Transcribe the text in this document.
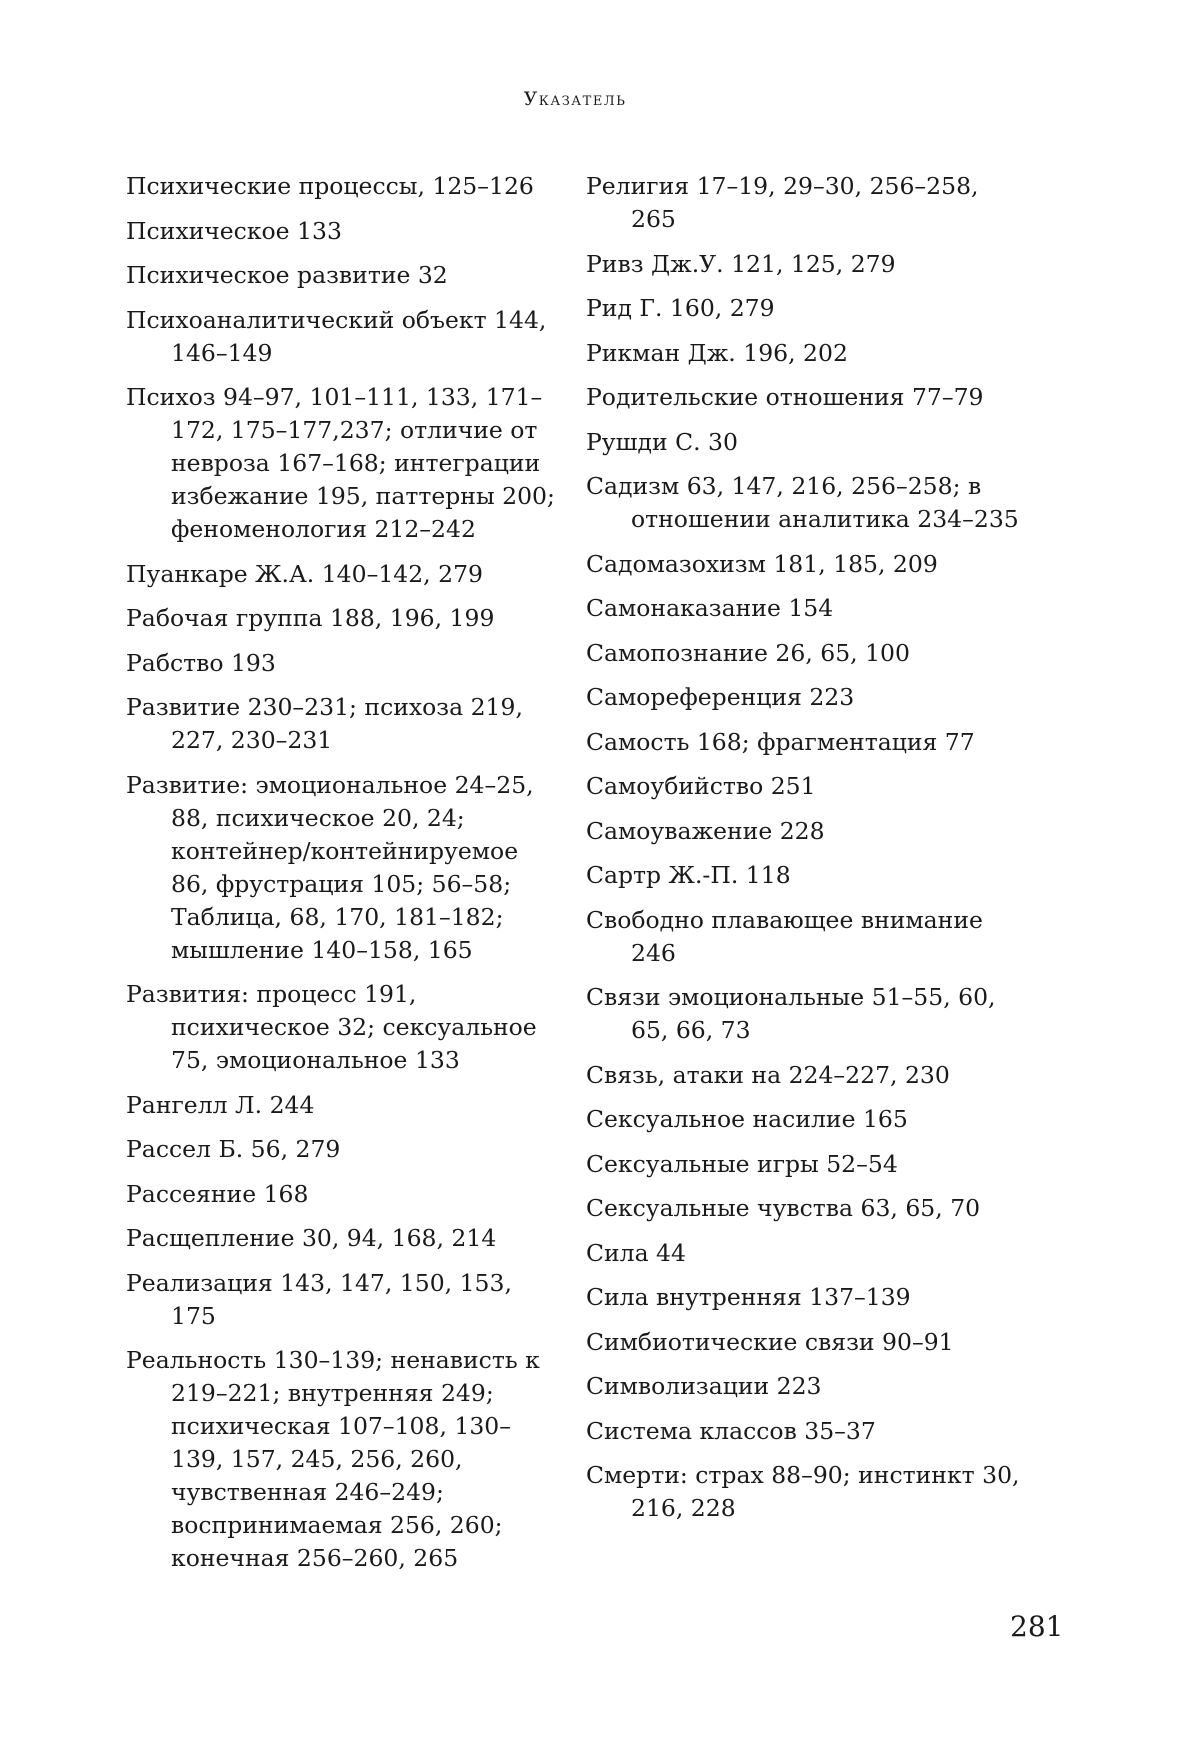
Указатель

Психические процессы, 125–126

Психическое 133

Психическое развитие 32

Психоаналитический объект 144, 146–149

Психоз 94–97, 101–111, 133, 171–172, 175–177,237; отличие от невроза 167–168; интеграции избежание 195, паттерны 200; феноменология 212–242

Пуанкаре Ж.А. 140–142, 279

Рабочая группа 188, 196, 199

Рабство 193

Развитие 230–231; психоза 219, 227, 230–231

Развитие: эмоциональное 24–25, 88, психическое 20, 24; контейнер/контейнируемое 86, фрустрация 105; 56–58; Таблица, 68, 170, 181–182; мышление 140–158, 165

Развития: процесс 191, психическое 32; сексуальное 75, эмоциональное 133

Рангелл Л. 244

Рассел Б. 56, 279

Рассеяние 168

Расщепление 30, 94, 168, 214

Реализация 143, 147, 150, 153, 175

Реальность 130–139; ненависть к 219–221; внутренняя 249; психическая 107–108, 130–139, 157, 245, 256, 260, чувственная 246–249; воспринимаемая 256, 260; конечная 256–260, 265

Религия 17–19, 29–30, 256–258, 265

Ривз Дж.У. 121, 125, 279

Рид Г. 160, 279

Рикман Дж. 196, 202

Родительские отношения 77–79

Рушди С. 30

Садизм 63, 147, 216, 256–258; в отношении аналитика 234–235

Садомазохизм 181, 185, 209

Самонаказание 154

Самопознание 26, 65, 100

Самореференция 223

Самость 168; фрагментация 77

Самоубийство 251

Самоуважение 228

Сартр Ж.-П. 118

Свободно плавающее внимание 246

Связи эмоциональные 51–55, 60, 65, 66, 73

Связь, атаки на 224–227, 230

Сексуальное насилие 165

Сексуальные игры 52–54

Сексуальные чувства 63, 65, 70

Сила 44

Сила внутренняя 137–139

Симбиотические связи 90–91

Символизации 223

Система классов 35–37

Смерти: страх 88–90; инстинкт 30, 216, 228

281
